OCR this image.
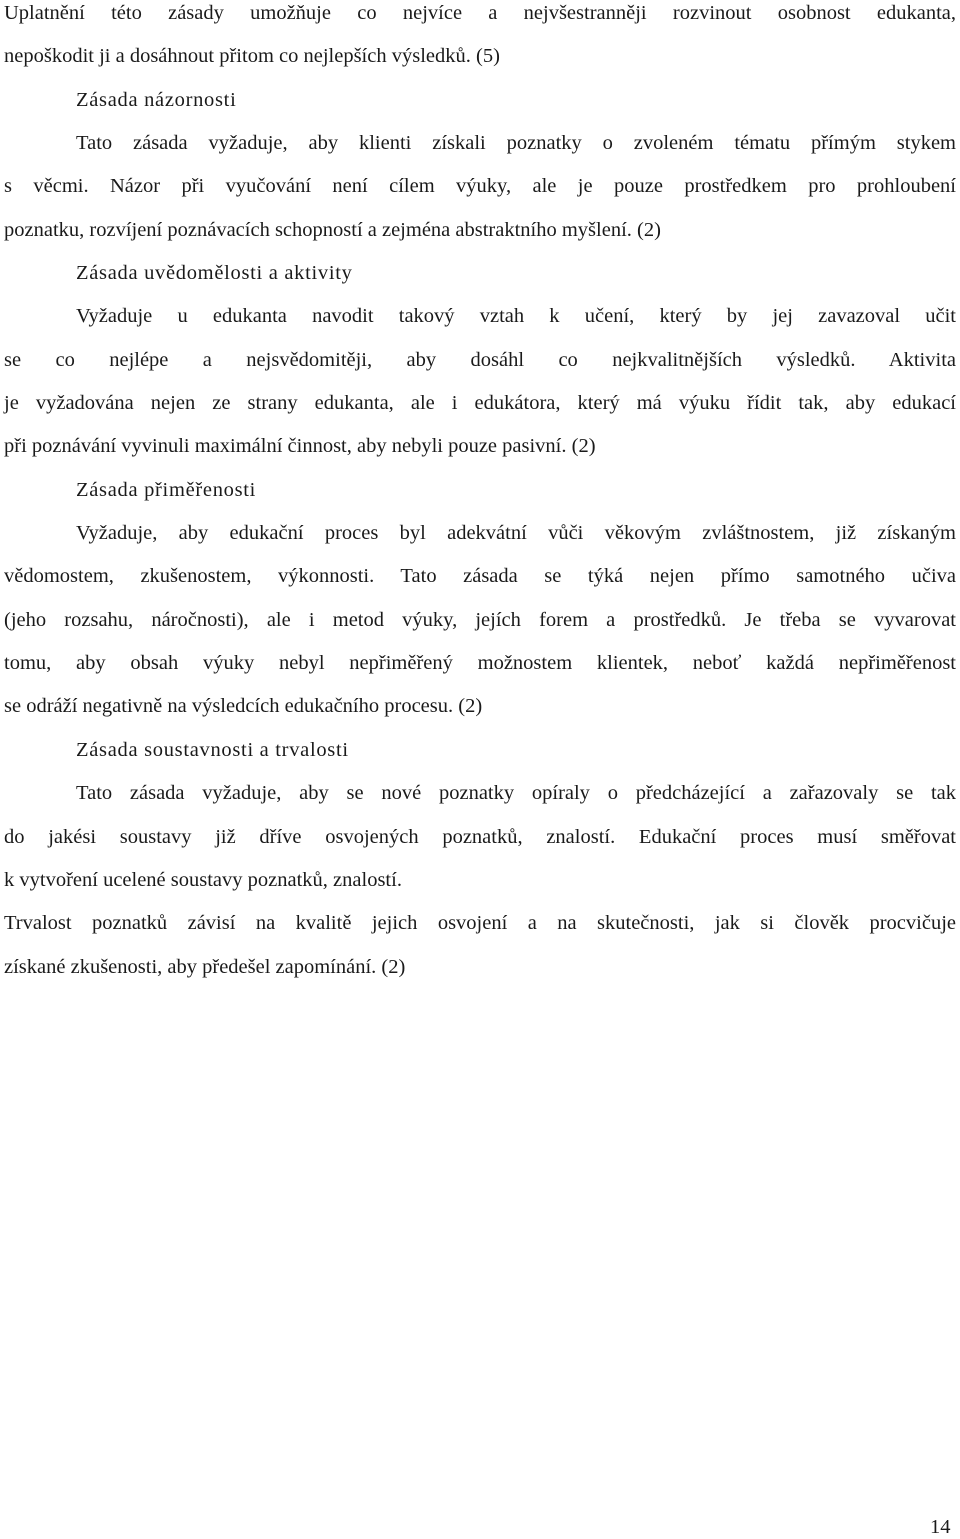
Uplatnění této zásady umožňuje co nejvíce a nejvšestranněji rozvinout osobnost edukanta,
nepoškodit ji a dosáhnout přitom co nejlepších výsledků. (5)
Zásada názornosti
Tato zásada vyžaduje, aby klienti získali poznatky o zvoleném tématu přímým stykem
s věcmi. Názor při vyučování není cílem výuky, ale je pouze prostředkem pro prohloubení
poznatku, rozvíjení poznávacích schopností a zejména abstraktního myšlení. (2)
Zásada uvědomělosti a aktivity
Vyžaduje u edukanta navodit takový vztah k učení, který by jej zavazoval učit
se co nejlépe a nejsvědomitěji, aby dosáhl co nejkvalitnějších výsledků. Aktivita
je vyžadována nejen ze strany edukanta, ale i edukátora, který má výuku řídit tak, aby edukací
při poznávání vyvinuli maximální činnost, aby nebyli pouze pasivní. (2)
Zásada přiměřenosti
Vyžaduje, aby edukační proces byl adekvátní vůči věkovým zvláštnostem, již získaným
vědomostem, zkušenostem, výkonnosti. Tato zásada se týká nejen přímo samotného učiva
(jeho rozsahu, náročnosti), ale i metod výuky, jejích forem a prostředků. Je třeba se vyvarovat
tomu, aby obsah výuky nebyl nepřiměřený možnostem klientek, neboť každá nepřiměřenost
se odráží negativně na výsledcích edukačního procesu. (2)
Zásada soustavnosti a trvalosti
Tato zásada vyžaduje, aby se nové poznatky opíraly o předcházející a zařazovaly se tak
do jakési soustavy již dříve osvojených poznatků, znalostí. Edukační proces musí směřovat
k vytvoření ucelené soustavy poznatků, znalostí.
Trvalost poznatků závisí na kvalitě jejich osvojení a na skutečnosti, jak si člověk procvičuje
získané zkušenosti, aby předešel zapomínání. (2)
14
